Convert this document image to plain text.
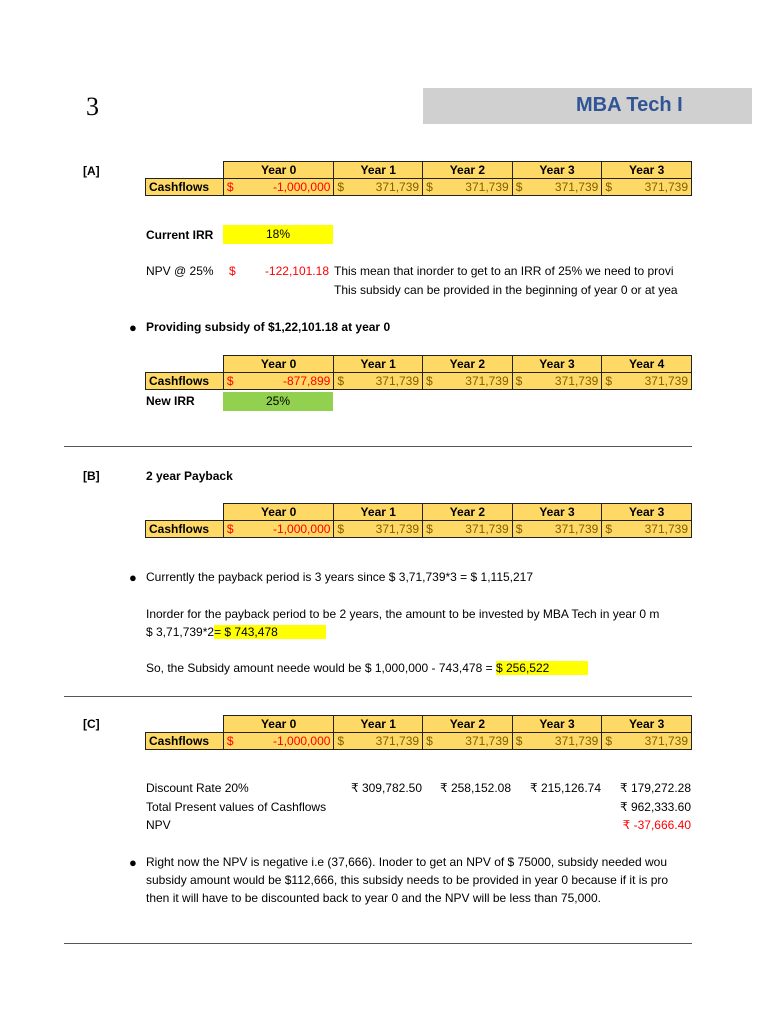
3	MBA Tech I
[A]
		Year 0	Year 1	Year 2	Year 3	Year 3
Cashflows	$ -1,000,000	$ 371,739	$ 371,739	$ 371,739	$ 371,739
Current IRR	18%
NPV @ 25% $	-122,101.18 This mean that inorder to get to an IRR of 25% we need to provi
This subsidy can be provided in the beginning of year 0 or at yea
● Providing subsidy of $1,22,101.18 at year 0
	Year 0	Year 1	Year 2	Year 3	Year 4
Cashflows	$ -877,899	$ 371,739	$ 371,739	$ 371,739	$ 371,739
New IRR	25%
[B]	2 year Payback
	Year 0	Year 1	Year 2	Year 3	Year 3
Cashflows	$ -1,000,000	$ 371,739	$ 371,739	$ 371,739	$ 371,739
● Currently the payback period is 3 years since $ 3,71,739*3 = $ 1,115,217
Inorder for the payback period to be 2 years, the amount to be invested by MBA Tech in year 0 m
$ 3,71,739*2= $ 743,478
So, the Subsidy amount neede would be $ 1,000,000 - 743,478 = $ 256,522
[C]
		Year 0	Year 1	Year 2	Year 3	Year 3
Cashflows	$ -1,000,000	$ 371,739	$ 371,739	$ 371,739	$ 371,739
Discount Rate 20%	₹ 309,782.50	₹ 258,152.08	₹ 215,126.74	₹ 179,272.28
Total Present values of Cashflows	₹ 962,333.60
NPV	₹ -37,666.40
● Right now the NPV is negative i.e (37,666). Inoder to get an NPV of $ 75000, subsidy needed wou
subsidy amount would be $112,666, this subsidy needs to be provided in year 0 because if it is pro
then it will have to be discounted back to year 0 and the NPV will be less than 75,000.
